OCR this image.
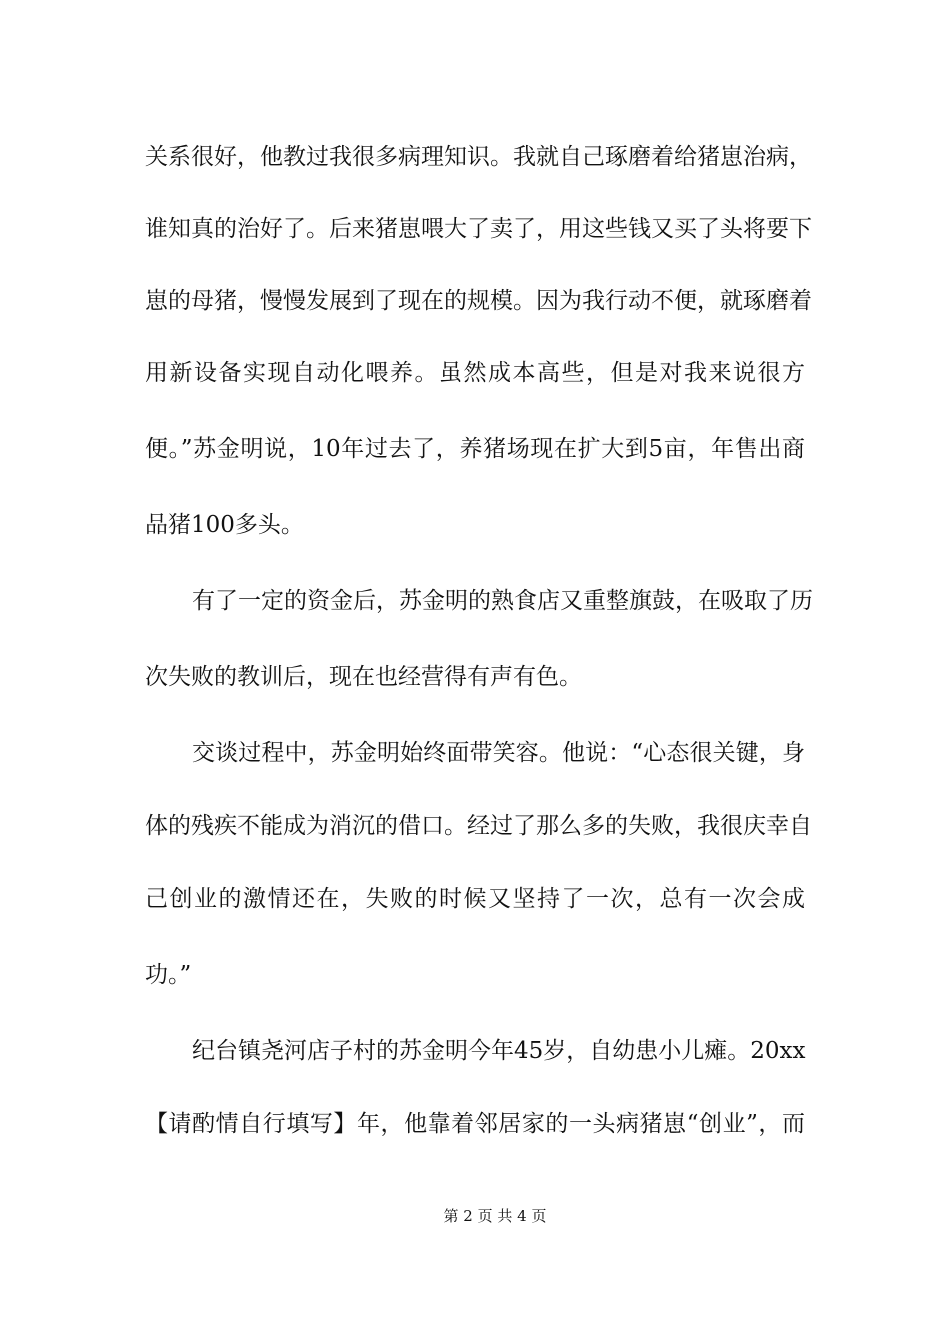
关系很好，他教过我很多病理知识。我就自己琢磨着给猪崽治病，
谁知真的治好了。后来猪崽喂大了卖了，用这些钱又买了头将要下
崽的母猪，慢慢发展到了现在的规模。因为我行动不便，就琢磨着
用新设备实现自动化喂养。虽然成本高些，但是对我来说很方
便。”苏金明说，10年过去了，养猪场现在扩大到5亩，年售出商
品猪100多头。
有了一定的资金后，苏金明的熟食店又重整旗鼓，在吸取了历
次失败的教训后，现在也经营得有声有色。
交谈过程中，苏金明始终面带笑容。他说：“心态很关键，身
体的残疾不能成为消沉的借口。经过了那么多的失败，我很庆幸自
己创业的激情还在，失败的时候又坚持了一次，总有一次会成
功。”
纪台镇尧河店子村的苏金明今年45岁，自幼患小儿瘫。20xx
【请酌情自行填写】年，他靠着邻居家的一头病猪崽“创业”，而
第 2 页 共 4 页
